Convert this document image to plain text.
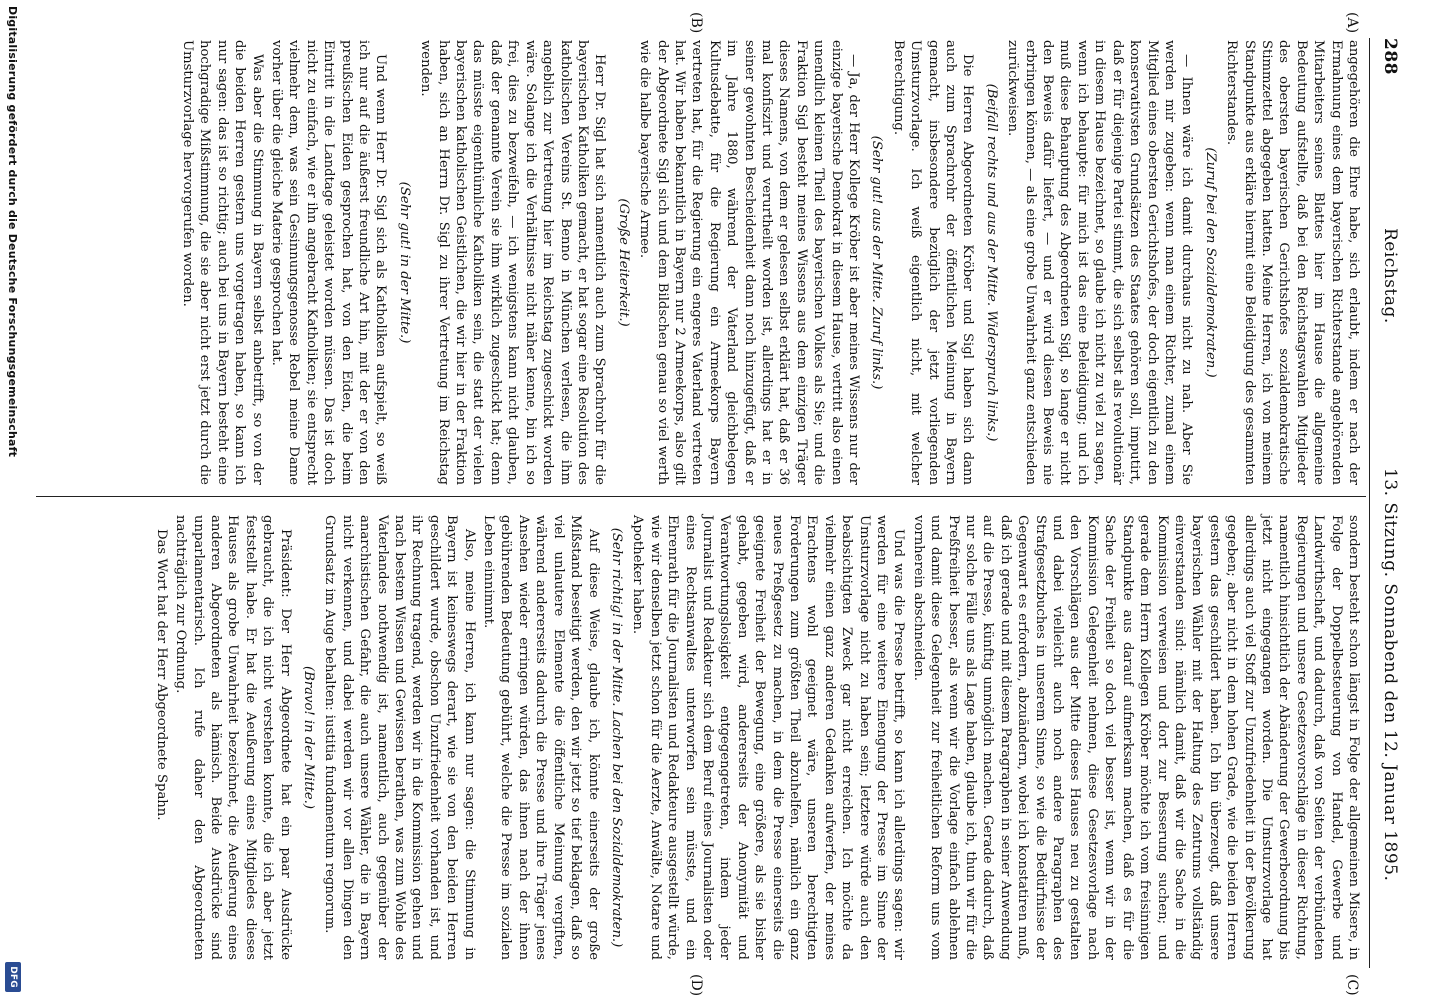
288
Reichstag.
13. Sitzung. Sonnabend den 12. Januar 1895.
(A)
(B)
(C)
(D)

angegehören die Ehre habe, sich erlaubt, indem er nach der Ermahnung eines dem bayerischen Richterstande angehörenden Mitarbeiters seines Blattes hier im Hause die allgemeine Bedeutung aufstellte, daß bei den Reichstagswahlen Mitglieder des obersten bayerischen Gerichtshofes sozialdemokratische Stimmzettel abgegeben hatten. Meine Herren, ich von meinem Standpunkte aus erkläre hiermit eine Beleidigung des gesammten Richterstandes.

(Zuruf bei den Sozialdemokraten.)

— Ihnen wäre ich damit durchaus nicht zu nah. Aber Sie werden mir zugeben: wenn man einem Richter, zumal einem Mitglied eines obersten Gerichtshofes, der doch eigentlich zu den konservativsten Grundsätzen des Staates gehören soll, imputirt, daß er für diejenige Partei stimmt, die sich selbst als revolutionär in diesem Hause bezeichnet, so glaube ich nicht zu viel zu sagen, wenn ich behaupte: für mich ist das eine Beleidigung; und ich muß diese Behauptung des Abgeordneten Sigl, so lange er nicht den Beweis dafür liefert, — und er wird diesen Beweis nie erbringen können, — als eine grobe Unwahrheit ganz entschieden zurückweisen.

(Beifall rechts und aus der Mitte. Widerspruch links.)

Die Herren Abgeordneten Kröber und Sigl haben sich dann auch zum Sprachrohr der öffentlichen Meinung in Bayern gemacht, insbesondere bezüglich der jetzt vorliegenden Umsturzvorlage. Ich weiß eigentlich nicht, mit welcher Berechtigung.

(Sehr gut! aus der Mitte. Zuruf links.)

— Ja, der Herr Kollege Kröber ist aber meines Wissens nur der einzige bayerische Demokrat in diesem Hause, vertritt also einen unendlich kleinen Theil des bayerischen Volkes als Sie; und die Fraktion Sigl besteht meines Wissens aus dem einzigen Träger dieses Namens, von dem er gelesen selbst erklärt hat, daß er 36 mal konfiszirt und verurtheilt worden ist, allerdings hat er in seiner gewohnten Bescheidenheit dann noch hinzugefügt, daß er im Jahre 1880, während der Vaterland gleichbelegen Kultusdebatte, für die Regierung ein Armeekorps Bayern vertreten hat, für die Regierung ein engeres Vaterland vertreten hat. Wir haben bekanntlich in Bayern nur 2 Armeekorps, also gilt der Abgeordnete Sigl sich und dem Bildschen genau so viel werth wie die halbe bayerische Armee.

(Große Heiterkeit.)

Herr Dr. Sigl hat sich namentlich auch zum Sprachrohr für die bayerischen Katholiken gemacht, er hat sogar eine Resolution des katholischen Vereins St. Benno in München verlesen, die ihm angeblich zur Vertretung hier im Reichstag zugeschickt worden wäre. Solange ich die Verhältnisse nicht näher kenne, bin ich so frei, dies zu bezweifeln, — ich wenigstens kann nicht glauben, daß der genannte Verein sie ihm wirklich zugeschickt hat; denn das müsste eigenthümliche Katholiken sein, die statt der vielen bayerischen katholischen Geistlichen, die wir hier in der Fraktion haben, sich an Herrn Dr. Sigl zu ihrer Vertretung im Reichstag wenden.

(Sehr gut! in der Mitte.)

Und wenn Herr Dr. Sigl sich als Katholiken aufspielt, so weiß ich nur auf die äußerst freundliche Art hin, mit der er von den preußischen Eiden gesprochen hat, von den Eiden, die beim Eintritt in die Landtage geleistet worden müssen. Das ist doch nicht zu einfach, wie er ihn angebracht Katholiken; sie entsprecht vielmehr dem, was sein Gesinnungsgenosse Rebel meine Dame vorher über die gleiche Materie gesprochen hat.

Was aber die Stimmung in Bayern selbst anbetrifft, so von der die beiden Herren gestern uns vorgetragen haben, so kann ich nur sagen: das ist so richtig; auch bei uns in Bayern besteht eine hochgradige Mißstimmung, die sie aber nicht erst jetzt durch die Umsturzvorlage hervorgerufen worden.

sondern besteht schon längst in Folge der allgemeinen Misere, in Folge der Doppelbesteuerung von Handel, Gewerbe und Landwirthschaft, und dadurch, daß von Seiten der verbündeten Regierungen und unsere Gesetzesvorschläge in dieser Richtung, namentlich hinsichtlich der Abänderung der Gewerbeordnung bis jetzt nicht eingegangen worden. Die Umsturzvorlage hat allerdings auch viel Stoff zur Unzufriedenheit in der Bevölkerung gegeben; aber nicht in dem hohen Grade, wie die beiden Herren gestern das geschildert haben. Ich bin überzeugt, daß unsere bayerischen Wähler mit der Haltung des Zentrums vollständig einverstanden sind: nämlich damit, daß wir die Sache in die Kommission verweisen und dort zur Besserung suchen; und gerade dem Herrn Kollegen Kröber möchte ich vom freisinnigen Standpunkte aus darauf aufmerksam machen, daß es für die Sache der Freiheit so doch viel besser ist, wenn wir in der Kommission Gelegenheit nehmen, diese Gesetzesvorlage nach den Vorschlägen aus der Mitte dieses Hauses neu zu gestalten und dabei vielleicht auch noch andere Paragraphen des Strafgesetzbuches in unserem Sinne, so wie die Bedürfnisse der Gegenwart es erfordern, abzuändern, wobei ich konstatiren muß, daß ich gerade und mit diesem Paragraphen in seiner Anwendung auf die Presse, künftig unmöglich machen. Gerade dadurch, daß nur solche Fälle uns als Lage haben, glaube ich, thun wir für die Preßfreiheit besser, als wenn wir die Vorlage einfach ablehnen und damit diese Gelegenheit zur freiheitlichen Reform uns vom vornherein abschneiden.

Und was die Presse betrifft, so kann ich allerdings sagen: wir werden für eine weitere Einengung der Presse im Sinne der Umsturzvorlage nicht zu haben sein; letztere würde auch den beabsichtigten Zweck gar nicht erreichen. Ich möchte da vielmehr einen ganz anderen Gedanken aufwerfen, der meines Erachtens wohl geeignet wäre, unseren berechtigten Forderungen zum größten Theil abzuhelfen, nämlich ein ganz neues Preßgesetz zu machen, in dem die Presse einerseits die geeignete Freiheit der Bewegung, eine größere, als sie bisher gehabt, gegeben wird, andererseits der Anonymität und Verantwortungslosigkeit entgegengetreten, indem jeder Journalist und Redakteur sich dem Beruf eines Journalisten oder eines Rechtsanwaltes unterworfen sein müsste, und ein Ehrenrath für die Journalisten und Redakteure ausgestellt würde, wie wir denselben jetzt schon für die Aerzte, Anwälte, Notare und Apotheker haben.

(Sehr richtig! in der Mitte. Lachen bei den Sozialdemokraten.)

Auf diese Weise, glaube ich, könnte einerseits der große Mißstand beseitigt werden, den wir jetzt so tief beklagen, daß so viel unlautere Elemente die öffentliche Meinung vergiften, während andererseits dadurch die Presse und ihre Träger jenes Ansehen wieder erringen würden, das ihnen nach der ihnen gebührenden Bedeutung gebührt, welche die Presse im sozialen Leben einnimmt.

Also, meine Herren, ich kann nur sagen: die Stimmung in Bayern ist keineswegs derart, wie sie von den beiden Herren geschildert wurde, obschon Unzufriedenheit vorhanden ist, und ihr Rechnung tragend, werden wir in die Kommission gehen und nach bestem Wissen und Gewissen berathen, was zum Wohle des Vaterlandes nothwendig ist, namentlich, auch gegenüber der anarchistischen Gefahr, die auch unsere Wähler, die in Bayern nicht verkennen, und dabei werden wir vor allen Dingen den Grundsatz im Auge behalten: iustitia fundamentum regnorum.

(Bravo! in der Mitte.)

Präsident: Der Herr Abgeordnete hat ein paar Ausdrücke gebraucht, die ich nicht verstehen konnte, die ich aber jetzt feststellt habe. Er hat die Aeußerung eines Mitgliedes dieses Hauses als grobe Unwahrheit bezeichnet, die Aeußerung eines anderen Abgeordneten als hämisch. Beide Ausdrücke sind unparlamentarisch. Ich rufe daher den Abgeordneten nachträglich zur Ordnung.

Das Wort hat der Herr Abgeordnete Spahn.

Digitalisierung gefördert durch die Deutsche Forschungsgemeinschaft
DFG
